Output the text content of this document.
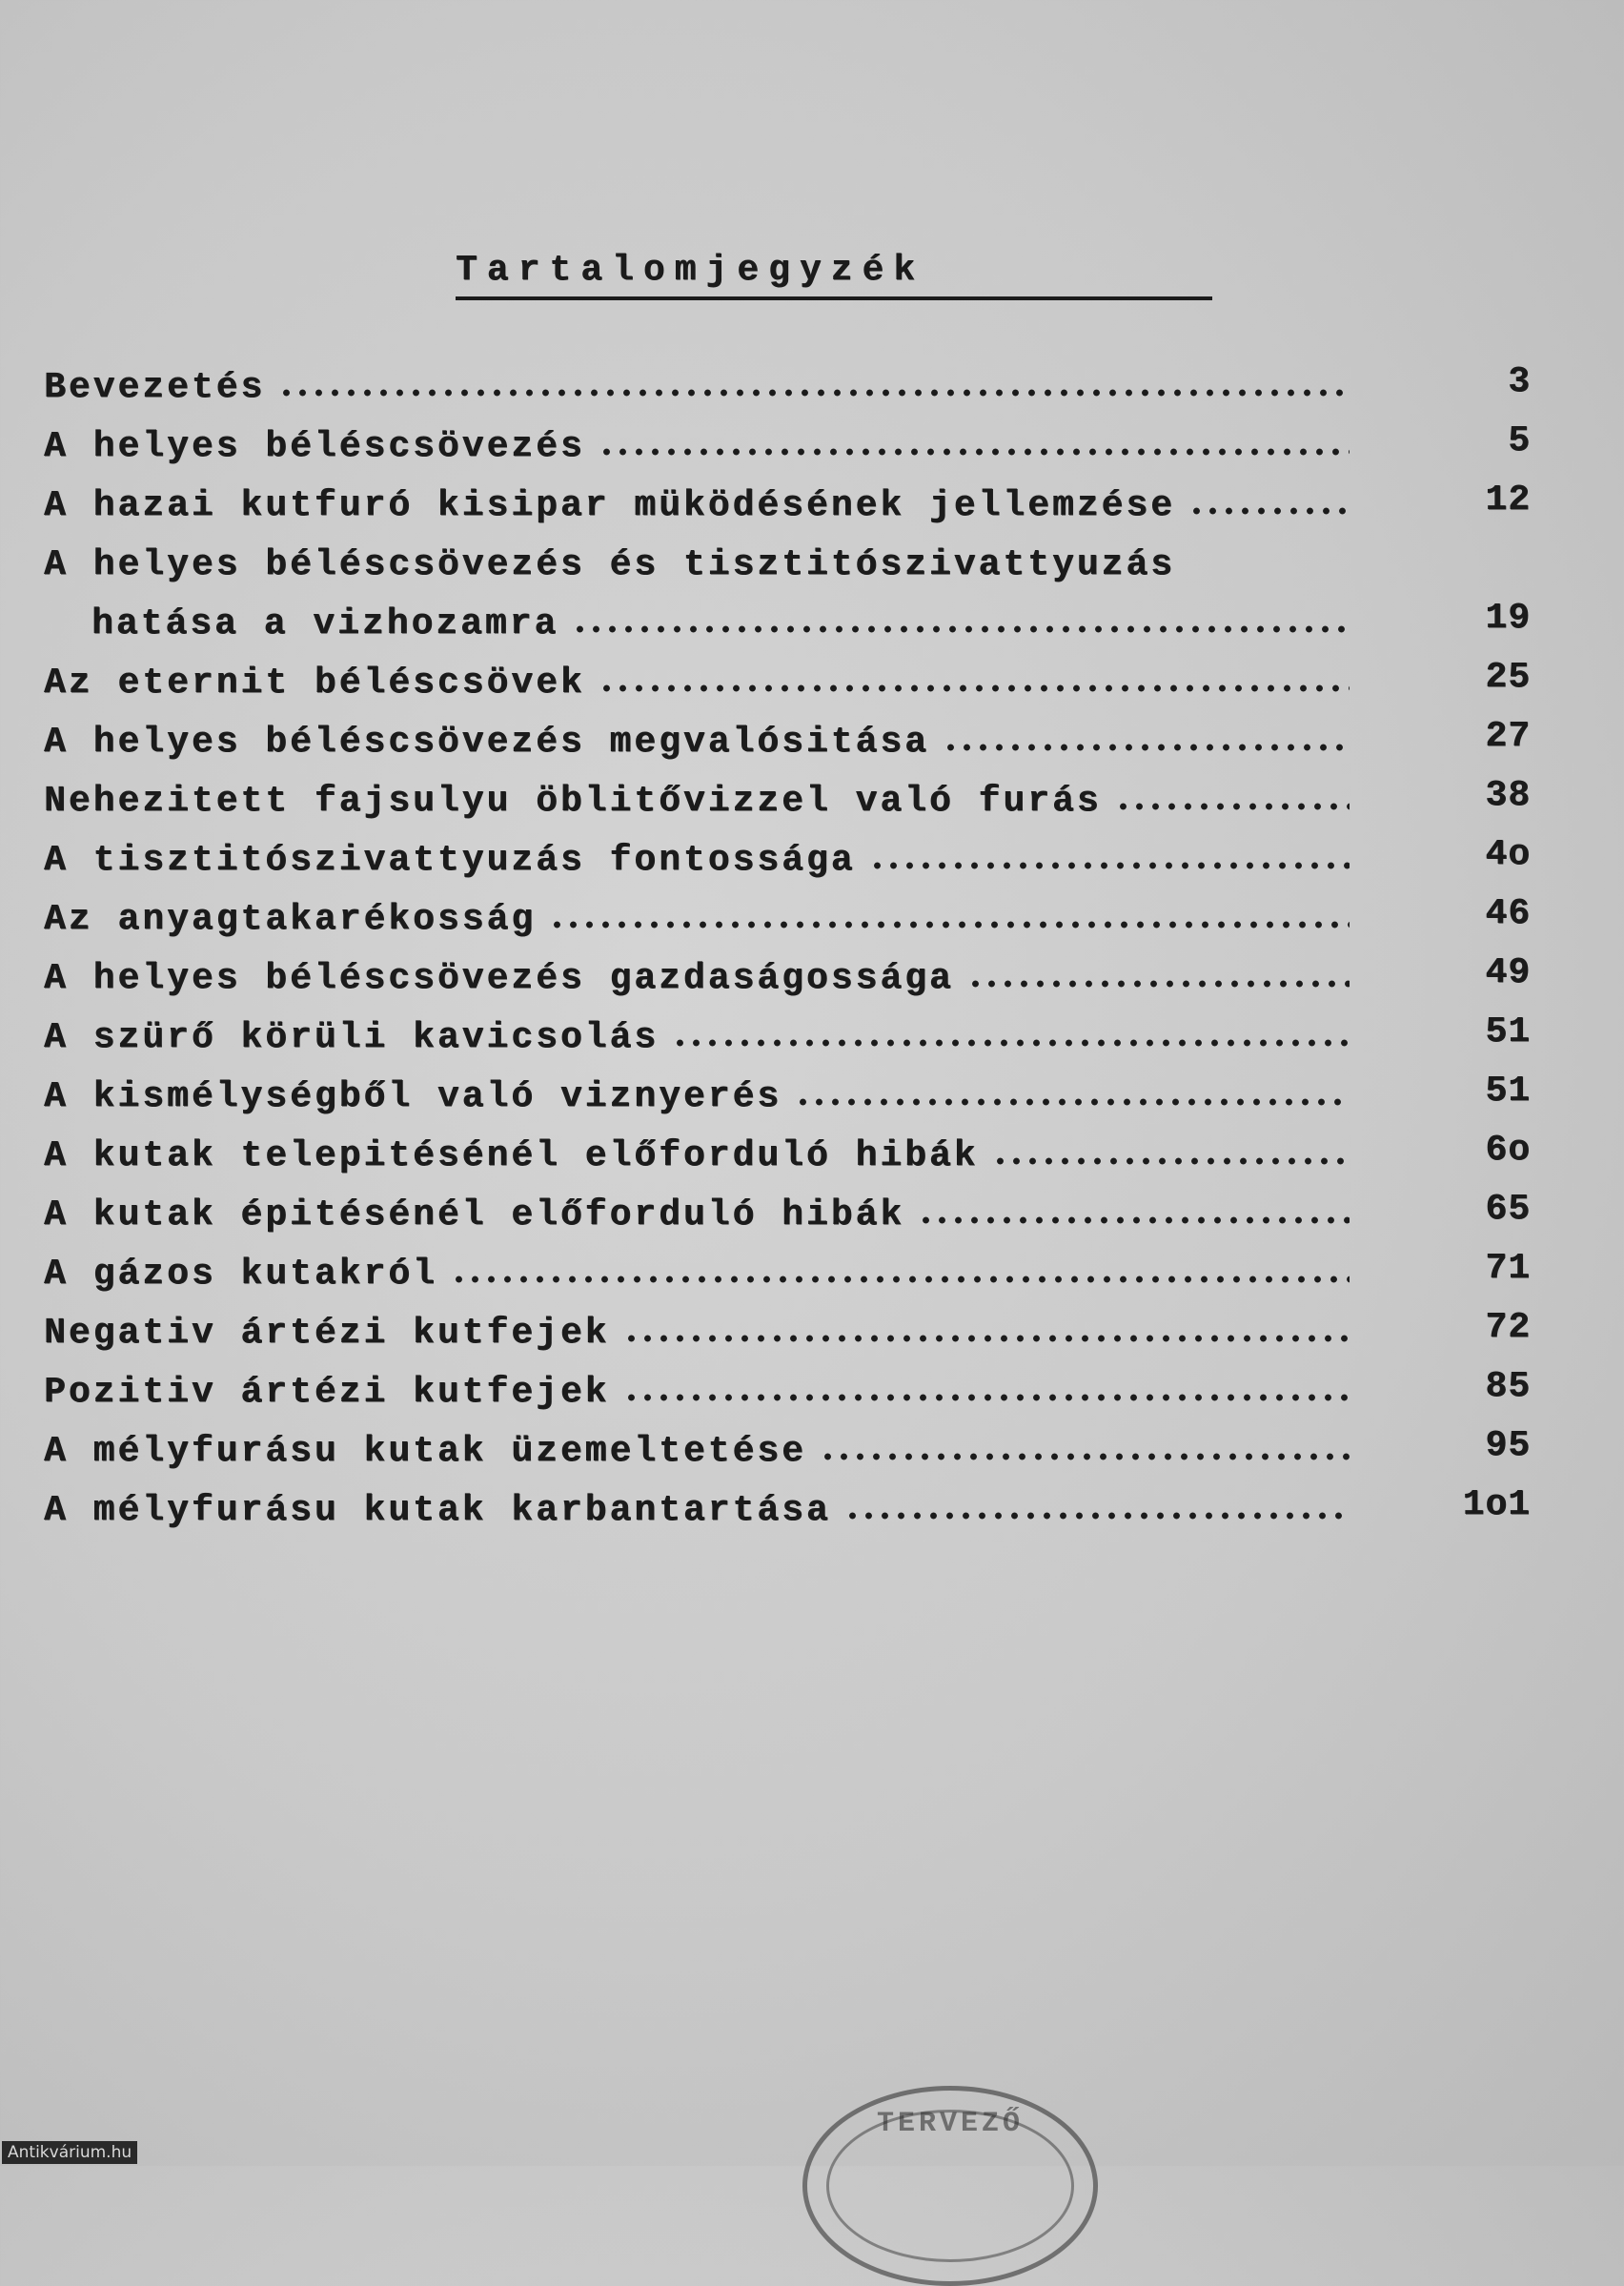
Tartalomjegyzék
Bevezetés	3
A helyes béléscsövezés	5
A hazai kutfuró kisipar müködésének jellemzése	12
A helyes béléscsövezés és tisztitószivattyuzás
hatása a vizhozamra	19
Az eternit béléscsövek	25
A helyes béléscsövezés megvalósitása	27
Nehezitett fajsulyu öblitővizzel való furás	38
A tisztitószivattyuzás fontossága	4o
Az anyagtakarékosság	46
A helyes béléscsövezés gazdaságossága	49
A szürő körüli kavicsolás	51
A kismélységből való viznyerés	51
A kutak telepitésénél előforduló hibák	6o
A kutak épitésénél előforduló hibák	65
A gázos kutakról	71
Negativ ártézi kutfejek	72
Pozitiv ártézi kutfejek	85
A mélyfurásu kutak üzemeltetése	95
A mélyfurásu kutak karbantartása	1o1
TERVEZŐ
Antikvárium.hu
